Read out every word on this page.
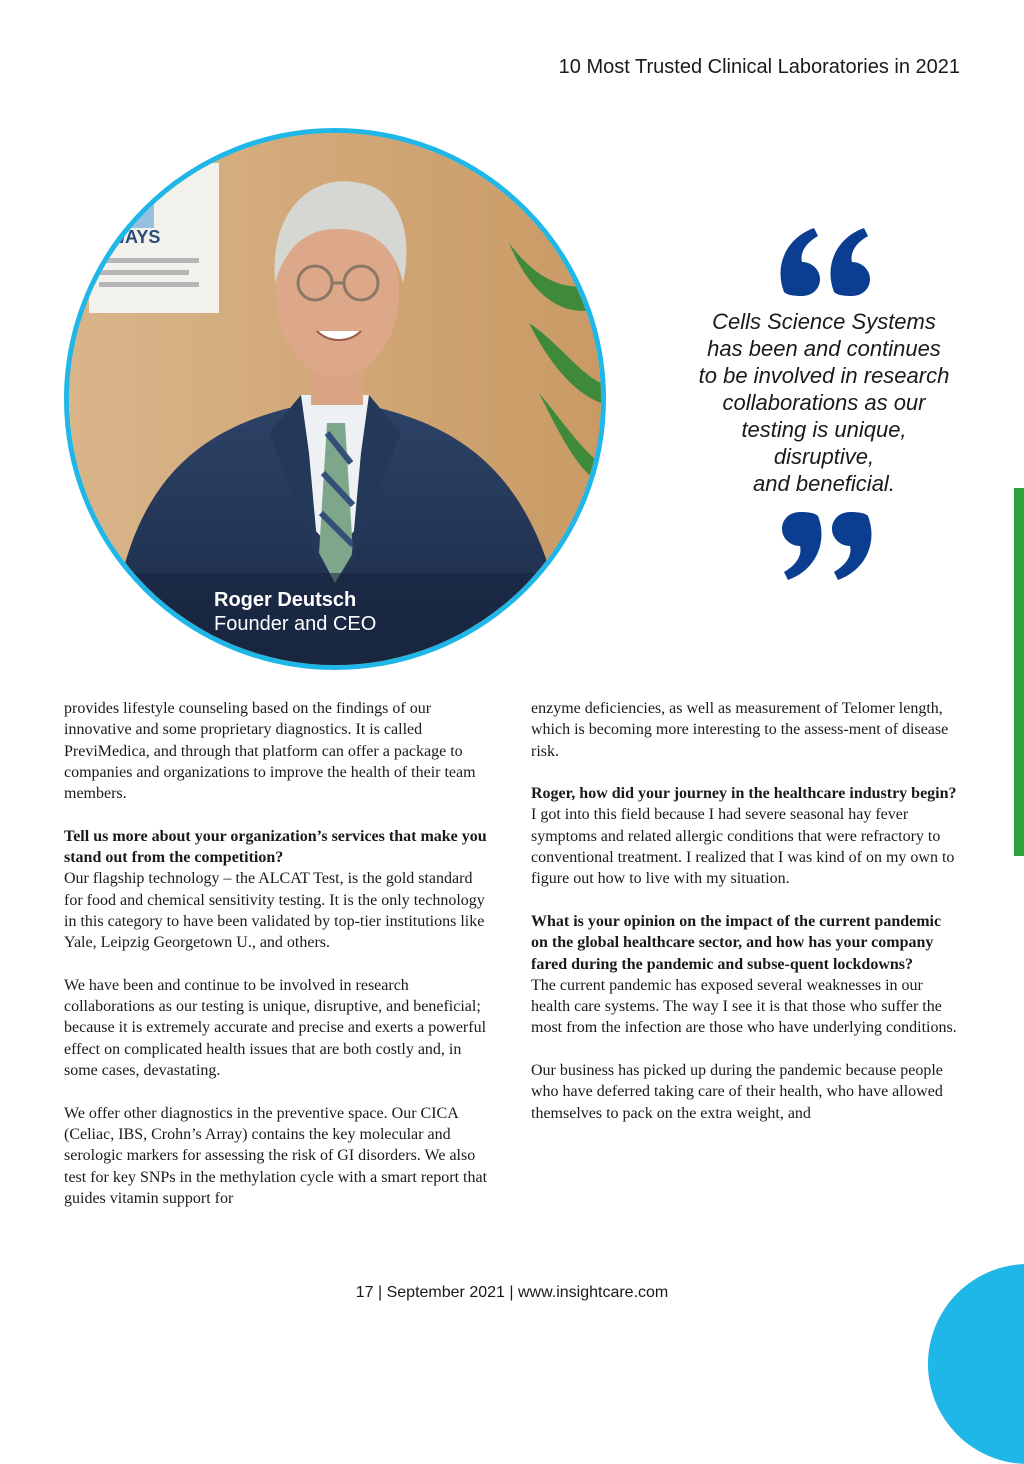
10 Most Trusted Clinical Laboratories in 2021
WAYS
Roger Deutsch
Founder and CEO
Cells Science Systems
has been and continues
to be involved in research
collaborations as our
testing is unique,
disruptive,
and beneficial.

provides lifestyle counseling based on the findings of our innovative and some proprietary diagnostics. It is called PreviMedica, and through that platform can offer a package to companies and organizations to improve the health of their team members.

Tell us more about your organization’s services that make you stand out from the competition?

Our flagship technology – the ALCAT Test, is the gold standard for food and chemical sensitivity testing. It is the only technology in this category to have been validated by top-tier institutions like Yale, Leipzig Georgetown U., and others.

We have been and continue to be involved in research collaborations as our testing is unique, disruptive, and beneficial; because it is extremely accurate and precise and exerts a powerful effect on complicated health issues that are both costly and, in some cases, devastating.

We offer other diagnostics in the preventive space. Our CICA (Celiac, IBS, Crohn’s Array) contains the key molecular and serologic markers for assessing the risk of GI disorders. We also test for key SNPs in the methylation cycle with a smart report that guides vitamin support for

enzyme deficiencies, as well as measurement of Telomer length, which is becoming more interesting to the assess-ment of disease risk.

Roger, how did your journey in the healthcare industry begin?

I got into this field because I had severe seasonal hay fever symptoms and related allergic conditions that were refractory to conventional treatment. I realized that I was kind of on my own to figure out how to live with my situation.

What is your opinion on the impact of the current pandemic on the global healthcare sector, and how has your company fared during the pandemic and subse-quent lockdowns?

The current pandemic has exposed several weaknesses in our health care systems. The way I see it is that those who suffer the most from the infection are those who have underlying conditions.

Our business has picked up during the pandemic because people who have deferred taking care of their health, who have allowed themselves to pack on the extra weight, and

17 | September 2021 | www.insightcare.com
